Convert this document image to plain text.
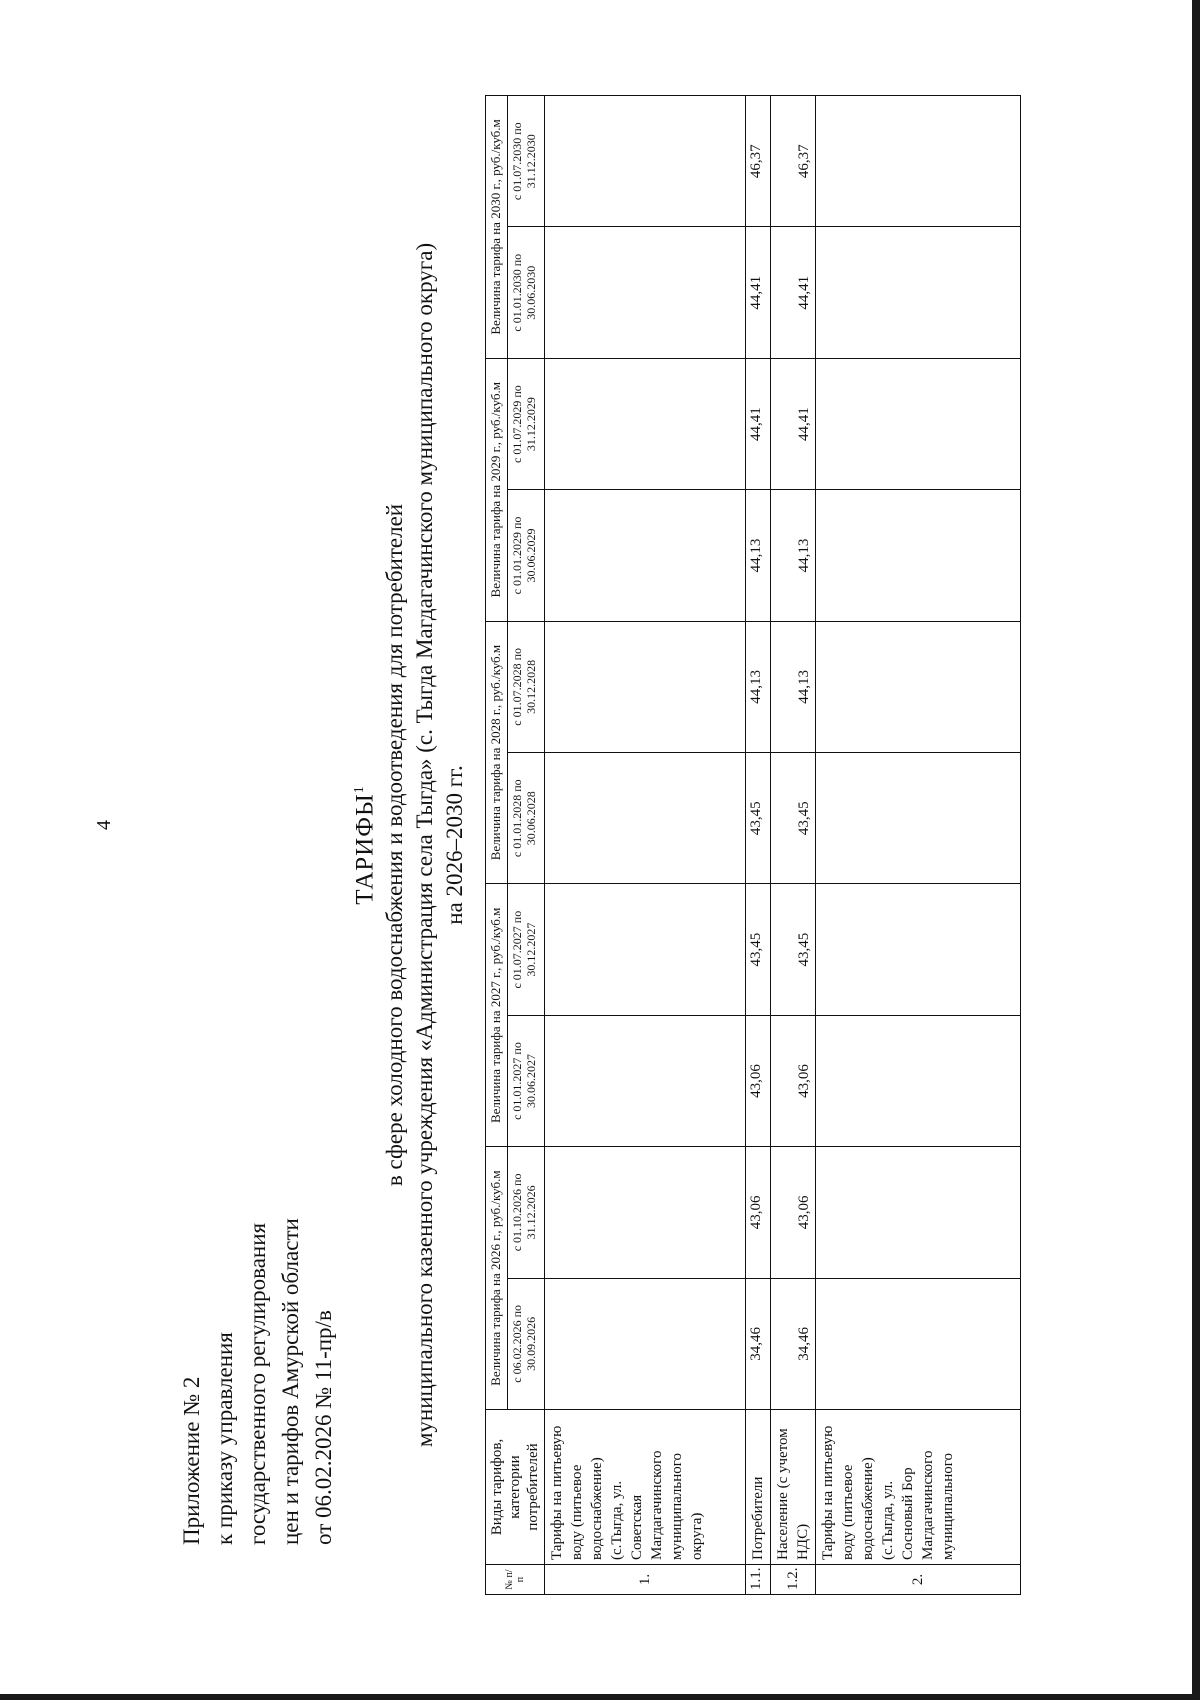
4
Приложение № 2 к приказу управления государственного регулирования цен и тарифов Амурской области от 06.02.2026 № 11-пр/в
ТАРИФЫ$^1$ в сфере холодного водоснабжения и водоотведения для потребителей муниципального казенного учреждения «Администрация села Тыгда» (с. Тыгда Магдагачинского муниципального округа) на 2026–2030 гг.
№ п/п	Виды тарифов, категории потребителей	Величина тарифа на 2026 г., руб./куб.м		Величина тарифа на 2027 г., руб./куб.м		Величина тарифа на 2028 г., руб./куб.м		Величина тарифа на 2029 г., руб./куб.м		Величина тарифа на 2030 г., руб./куб.м	
		с 06.02.2026 по 30.09.2026	с 01.10.2026 по 31.12.2026	с 01.01.2027 по 30.06.2027	с 01.07.2027 по 30.12.2027	с 01.01.2028 по 30.06.2028	с 01.07.2028 по 30.12.2028	с 01.01.2029 по 30.06.2029	с 01.07.2029 по 31.12.2029	с 01.01.2030 по 30.06.2030	с 01.07.2030 по 31.12.2030
1.	Тарифы на питьевую воду (питьевое водоснабжение) (с.Тыгда, ул. Советская Магдагачинского муниципального округа)										
1.1.	Потребители	34,46	43,06	43,06	43,45	43,45	44,13	44,13	44,41	44,41	46,37
1.2.	Население (с учетом НДС)	34,46	43,06	43,06	43,45	43,45	44,13	44,13	44,41	44,41	46,37
2.	Тарифы на питьевую воду (питьевое водоснабжение) (с.Тыгда, ул. Сосновый Бор Магдагачинского муниципального										
